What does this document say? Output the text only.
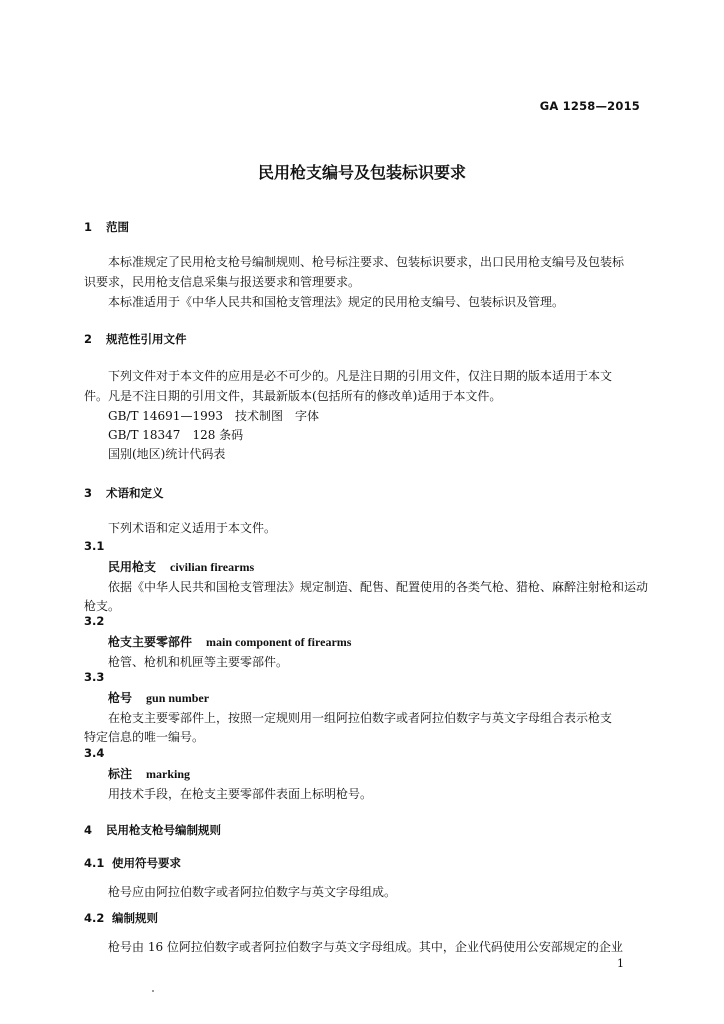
GA 1258—2015
民用枪支编号及包装标识要求
1 范围
本标准规定了民用枪支枪号编制规则、枪号标注要求、包装标识要求，出口民用枪支编号及包装标
识要求，民用枪支信息采集与报送要求和管理要求。
本标准适用于《中华人民共和国枪支管理法》规定的民用枪支编号、包装标识及管理。
2 规范性引用文件
下列文件对于本文件的应用是必不可少的。凡是注日期的引用文件，仅注日期的版本适用于本文
件。凡是不注日期的引用文件，其最新版本(包括所有的修改单)适用于本文件。
GB/T 14691—1993　技术制图　字体
GB/T 18347　128 条码
国别(地区)统计代码表
3 术语和定义
下列术语和定义适用于本文件。
3.1
民用枪支 civilian firearms
依据《中华人民共和国枪支管理法》规定制造、配售、配置使用的各类气枪、猎枪、麻醉注射枪和运动
枪支。
3.2
枪支主要零部件 main component of firearms
枪管、枪机和机匣等主要零部件。
3.3
枪号 gun number
在枪支主要零部件上，按照一定规则用一组阿拉伯数字或者阿拉伯数字与英文字母组合表示枪支
特定信息的唯一编号。
3.4
标注 marking
用技术手段，在枪支主要零部件表面上标明枪号。
4 民用枪支枪号编制规则
4.1 使用符号要求
枪号应由阿拉伯数字或者阿拉伯数字与英文字母组成。
4.2 编制规则
枪号由 16 位阿拉伯数字或者阿拉伯数字与英文字母组成。其中，企业代码使用公安部规定的企业
1
